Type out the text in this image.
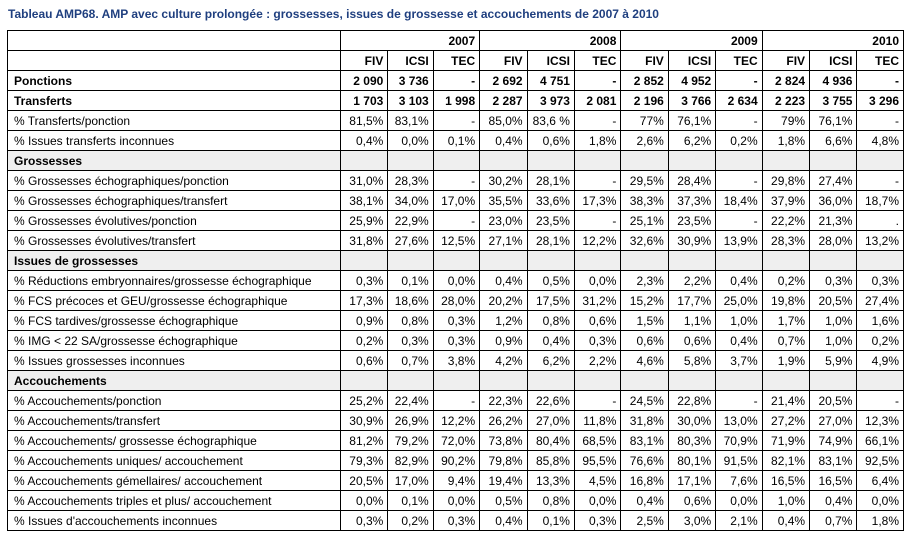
Tableau AMP68. AMP avec culture prolongée : grossesses, issues de grossesse et accouchements de 2007 à 2010
	2007			2008			2009			2010		
	FIV	ICSI	TEC	FIV	ICSI	TEC	FIV	ICSI	TEC	FIV	ICSI	TEC
Ponctions	2 090	3 736	-	2 692	4 751	-	2 852	4 952	-	2 824	4 936	-
Transferts	1 703	3 103	1 998	2 287	3 973	2 081	2 196	3 766	2 634	2 223	3 755	3 296
% Transferts/ponction	81,5%	83,1%	-	85,0%	83,6 %	-	77%	76,1%	-	79%	76,1%	-
% Issues transferts inconnues	0,4%	0,0%	0,1%	0,4%	0,6%	1,8%	2,6%	6,2%	0,2%	1,8%	6,6%	4,8%
Grossesses												
% Grossesses échographiques/ponction	31,0%	28,3%	-	30,2%	28,1%	-	29,5%	28,4%	-	29,8%	27,4%	-
% Grossesses échographiques/transfert	38,1%	34,0%	17,0%	35,5%	33,6%	17,3%	38,3%	37,3%	18,4%	37,9%	36,0%	18,7%
% Grossesses évolutives/ponction	25,9%	22,9%	-	23,0%	23,5%	-	25,1%	23,5%	-	22,2%	21,3%	.
% Grossesses évolutives/transfert	31,8%	27,6%	12,5%	27,1%	28,1%	12,2%	32,6%	30,9%	13,9%	28,3%	28,0%	13,2%
Issues de grossesses												
% Réductions embryonnaires/grossesse échographique	0,3%	0,1%	0,0%	0,4%	0,5%	0,0%	2,3%	2,2%	0,4%	0,2%	0,3%	0,3%
% FCS précoces et GEU/grossesse échographique	17,3%	18,6%	28,0%	20,2%	17,5%	31,2%	15,2%	17,7%	25,0%	19,8%	20,5%	27,4%
% FCS tardives/grossesse échographique	0,9%	0,8%	0,3%	1,2%	0,8%	0,6%	1,5%	1,1%	1,0%	1,7%	1,0%	1,6%
% IMG < 22 SA/grossesse échographique	0,2%	0,3%	0,3%	0,9%	0,4%	0,3%	0,6%	0,6%	0,4%	0,7%	1,0%	0,2%
% Issues grossesses inconnues	0,6%	0,7%	3,8%	4,2%	6,2%	2,2%	4,6%	5,8%	3,7%	1,9%	5,9%	4,9%
Accouchements												
% Accouchements/ponction	25,2%	22,4%	-	22,3%	22,6%	-	24,5%	22,8%	-	21,4%	20,5%	-
% Accouchements/transfert	30,9%	26,9%	12,2%	26,2%	27,0%	11,8%	31,8%	30,0%	13,0%	27,2%	27,0%	12,3%
% Accouchements/ grossesse échographique	81,2%	79,2%	72,0%	73,8%	80,4%	68,5%	83,1%	80,3%	70,9%	71,9%	74,9%	66,1%
% Accouchements uniques/ accouchement	79,3%	82,9%	90,2%	79,8%	85,8%	95,5%	76,6%	80,1%	91,5%	82,1%	83,1%	92,5%
% Accouchements gémellaires/ accouchement	20,5%	17,0%	9,4%	19,4%	13,3%	4,5%	16,8%	17,1%	7,6%	16,5%	16,5%	6,4%
% Accouchements triples et plus/ accouchement	0,0%	0,1%	0,0%	0,5%	0,8%	0,0%	0,4%	0,6%	0,0%	1,0%	0,4%	0,0%
% Issues d'accouchements inconnues	0,3%	0,2%	0,3%	0,4%	0,1%	0,3%	2,5%	3,0%	2,1%	0,4%	0,7%	1,8%
